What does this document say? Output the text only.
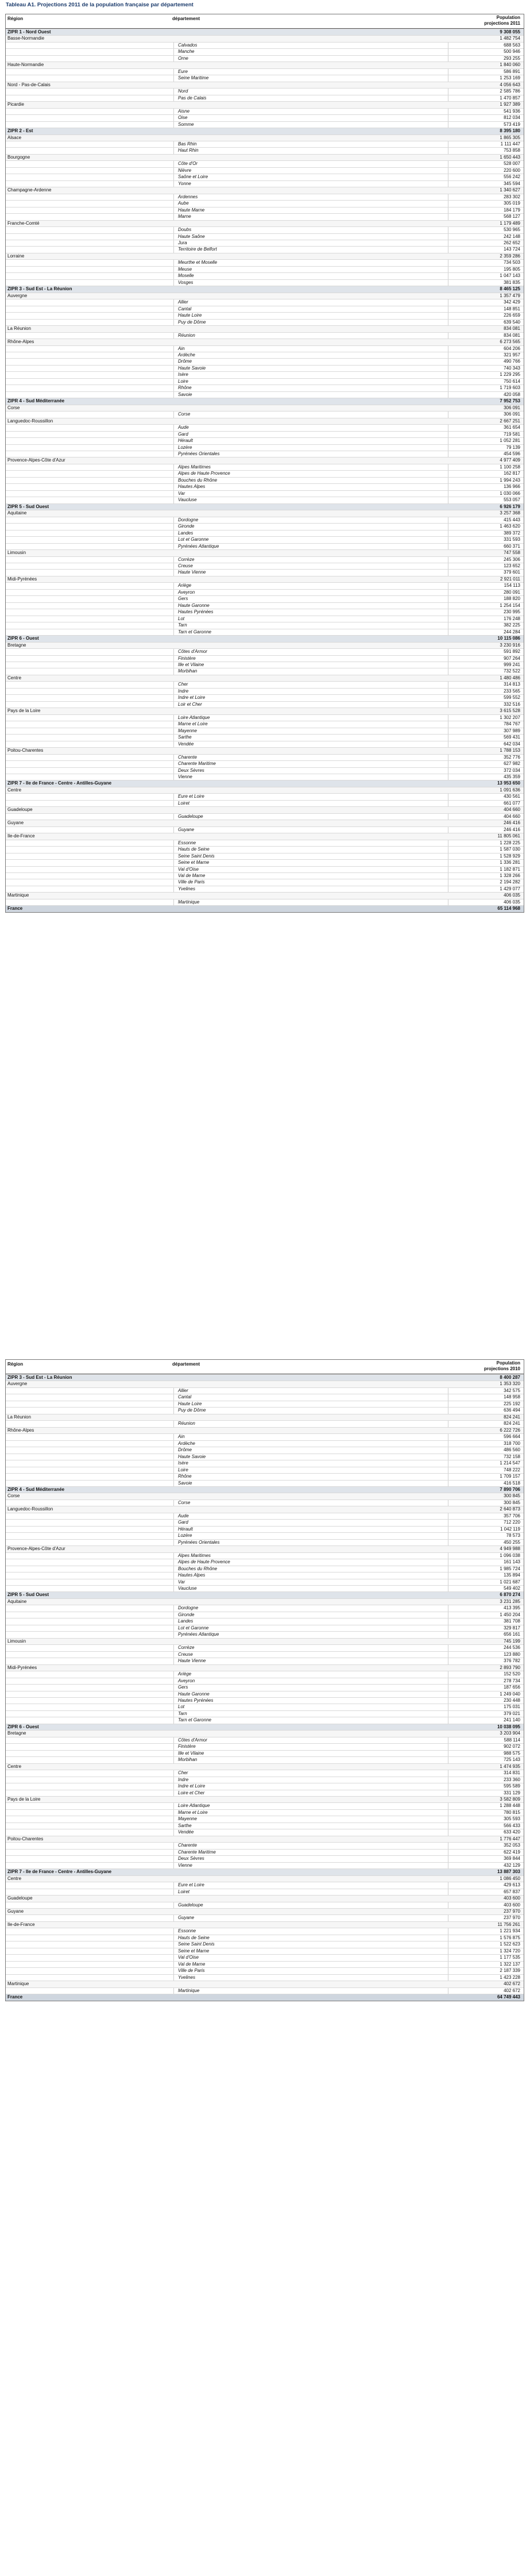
Tableau A1. Projections 2011 de la population française par département
Région	département	Population
projections 2011
ZIPR 1 - Nord Ouest	9 308 055
Basse-Normandie	1 482 754
Calvados	688 563
Manche	500 946
Orne	293 255
Haute-Normandie	1 840 060
Eure	586 891
Seine Maritime	1 253 169
Nord - Pas-de-Calais	4 056 643
Nord	2 585 786
Pas de Calais	1 470 857
Picardie	1 927 389
Aisne	541 936
Oise	812 034
Somme	573 419
ZIPR 2 - Est	8 395 180
Alsace	1 865 305
Bas Rhin	1 111 447
Haut Rhin	753 858
Bourgogne	1 650 443
Côte d'Or	528 007
Nièvre	220 600
Saône et Loire	556 242
Yonne	345 594
Champagne-Ardenne	1 340 627
Ardennes	283 302
Aube	305 019
Haute Marne	184 179
Marne	568 127
Franche-Comté	1 179 489
Doubs	530 965
Haute Saône	242 148
Jura	262 652
Territoire de Belfort	143 724
Lorraine	2 359 286
Meurthe et Moselle	734 503
Meuse	195 805
Moselle	1 047 143
Vosges	381 835
ZIPR 3 - Sud Est - La Réunion	8 465 125
Auvergne	1 357 479
Allier	342 429
Cantal	148 851
Haute Loire	226 659
Puy de Dôme	639 540
La Réunion	834 081
Réunion	834 081
Rhône-Alpes	6 273 565
Ain	604 206
Ardèche	321 957
Drôme	490 766
Haute Savoie	740 343
Isère	1 229 295
Loire	750 614
Rhône	1 719 603
Savoie	420 058
ZIPR 4 - Sud Méditerranée	7 952 753
Corse	306 091
Corse	306 091
Languedoc-Roussillon	2 667 251
Aude	361 654
Gard	719 581
Hérault	1 052 281
Lozère	79 139
Pyrénées Orientales	454 596
Provence-Alpes-Côte d'Azur	4 977 409
Alpes Maritimes	1 100 258
Alpes de Haute Provence	162 817
Bouches du Rhône	1 994 243
Hautes Alpes	136 966
Var	1 030 066
Vaucluse	553 057
ZIPR 5 - Sud Ouest	6 926 179
Aquitaine	3 257 368
Dordogne	415 443
Gironde	1 463 620
Landes	389 372
Lot et Garonne	331 593
Pyrénées Atlantique	660 371
Limousin	747 558
Corrèze	245 306
Creuse	123 652
Haute Vienne	379 601
Midi-Pyrénées	2 921 011
Ariège	154 113
Aveyron	280 091
Gers	188 820
Haute Garonne	1 254 154
Hautes Pyrénées	230 995
Lot	176 248
Tarn	382 225
Tarn et Garonne	244 284
ZIPR 6 - Ouest	10 115 086
Bretagne	3 230 916
Côtes d'Armor	591 892
Finistère	907 264
Ille et Vilaine	999 241
Morbihan	732 522
Centre	1 480 486
Cher	314 813
Indre	233 565
Indre et Loire	599 552
Loir et Cher	332 516
Pays de la Loire	3 615 528
Loire Atlantique	1 302 207
Marne et Loire	784 767
Mayenne	307 989
Sarthe	569 431
Vendée	642 034
Poitou-Charentes	1 788 153
Charente	352 776
Charente Maritime	627 982
Deux Sèvres	372 034
Vienne	435 359
ZIPR 7 - Ile de France - Centre - Antilles-Guyane	13 953 650
Centre	1 091 636
Eure et Loire	430 561
Loiret	661 077
Guadeloupe	404 660
Guadeloupe	404 660
Guyane	246 416
Guyane	246 416
Ile-de-France	11 805 061
Essonne	1 228 225
Hauts de Seine	1 587 030
Seine Saint Denis	1 528 929
Seine et Marne	1 336 281
Val d'Oise	1 182 871
Val de Marne	1 328 266
Ville de Paris	2 194 282
Yvelines	1 429 077
Martinique	406 035
Martinique	406 035
France	65 114 968
Région	département	Population
projections 2010
ZIPR 3 - Sud Est - La Réunion	8 400 287
Auvergne	1 353 320
Allier	342 575
Cantal	148 958
Haute Loire	225 192
Puy de Dôme	636 494
La Réunion	824 241
Réunion	824 241
Rhône-Alpes	6 222 726
Ain	596 664
Ardèche	318 700
Drôme	486 560
Haute Savoie	732 158
Isère	1 214 547
Loire	748 222
Rhône	1 709 157
Savoie	416 518
ZIPR 4 - Sud Méditerranée	7 890 706
Corse	300 845
Corse	300 845
Languedoc-Roussillon	2 640 873
Aude	357 706
Gard	712 220
Hérault	1 042 119
Lozère	78 573
Pyrénées Orientales	450 255
Provence-Alpes-Côte d'Azur	4 949 988
Alpes Maritimes	1 096 038
Alpes de Haute Provence	161 143
Bouches du Rhône	1 985 724
Hautes Alpes	135 894
Var	1 021 687
Vaucluse	549 402
ZIPR 5 - Sud Ouest	6 870 274
Aquitaine	3 231 285
Dordogne	413 395
Gironde	1 450 204
Landes	381 708
Lot et Garonne	329 817
Pyrénées Atlantique	656 161
Limousin	745 199
Corrèze	244 536
Creuse	123 880
Haute Vienne	376 782
Midi-Pyrénées	2 893 790
Ariège	152 520
Aveyron	278 734
Gers	187 656
Haute Garonne	1 249 040
Hautes Pyrénées	230 448
Lot	175 031
Tarn	379 021
Tarn et Garonne	241 140
ZIPR 6 - Ouest	10 038 095
Bretagne	3 203 904
Côtes d'Armor	588 114
Finistère	902 072
Ille et Vilaine	988 575
Morbihan	725 143
Centre	1 474 935
Cher	314 831
Indre	233 360
Indre et Loire	595 589
Loire et Cher	331 129
Pays de la Loire	3 582 809
Loire Atlantique	1 288 448
Marne et Loire	780 815
Mayenne	305 593
Sarthe	566 433
Vendée	633 420
Poitou-Charentes	1 776 447
Charente	352 053
Charente Maritime	622 419
Deux Sèvres	369 844
Vienne	432 129
ZIPR 7 - Ile de France - Centre - Antilles-Guyane	13 887 303
Centre	1 086 450
Eure et Loire	429 613
Loiret	657 837
Guadeloupe	403 600
Guadeloupe	403 600
Guyane	237 970
Guyane	237 970
Ile-de-France	11 756 261
Essonne	1 221 934
Hauts de Seine	1 576 875
Seine Saint Denis	1 522 623
Seine et Marne	1 324 720
Val d'Oise	1 177 535
Val de Marne	1 322 137
Ville de Paris	2 187 339
Yvelines	1 423 228
Martinique	402 672
Martinique	402 672
France	64 749 443
